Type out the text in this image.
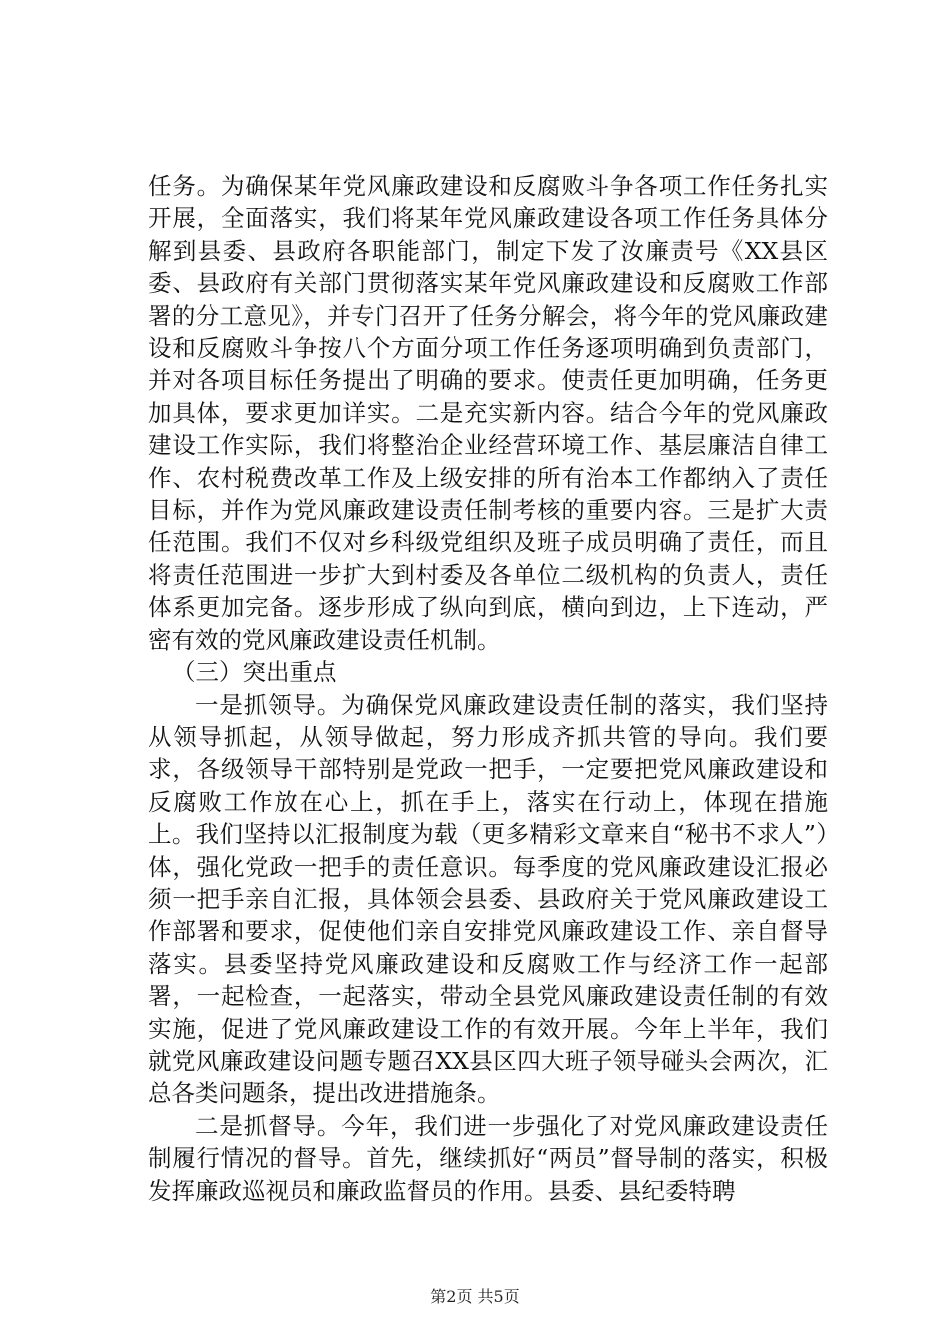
任务。为确保某年党风廉政建设和反腐败斗争各项工作任务扎实开展，全面落实，我们将某年党风廉政建设各项工作任务具体分解到县委、县政府各职能部门，制定下发了汝廉责号《XX县区委、县政府有关部门贯彻落实某年党风廉政建设和反腐败工作部署的分工意见》，并专门召开了任务分解会，将今年的党风廉政建设和反腐败斗争按八个方面分项工作任务逐项明确到负责部门，并对各项目标任务提出了明确的要求。使责任更加明确，任务更加具体，要求更加详实。二是充实新内容。结合今年的党风廉政建设工作实际，我们将整治企业经营环境工作、基层廉洁自律工作、农村税费改革工作及上级安排的所有治本工作都纳入了责任目标，并作为党风廉政建设责任制考核的重要内容。三是扩大责任范围。我们不仅对乡科级党组织及班子成员明确了责任，而且将责任范围进一步扩大到村委及各单位二级机构的负责人，责任体系更加完备。逐步形成了纵向到底，横向到边，上下连动，严密有效的党风廉政建设责任机制。

（三）突出重点

一是抓领导。为确保党风廉政建设责任制的落实，我们坚持从领导抓起，从领导做起，努力形成齐抓共管的导向。我们要求，各级领导干部特别是党政一把手，一定要把党风廉政建设和反腐败工作放在心上，抓在手上，落实在行动上，体现在措施上。我们坚持以汇报制度为载（更多精彩文章来自“秘书不求人”）体，强化党政一把手的责任意识。每季度的党风廉政建设汇报必须一把手亲自汇报，具体领会县委、县政府关于党风廉政建设工作部署和要求，促使他们亲自安排党风廉政建设工作、亲自督导落实。县委坚持党风廉政建设和反腐败工作与经济工作一起部署，一起检查，一起落实，带动全县党风廉政建设责任制的有效实施，促进了党风廉政建设工作的有效开展。今年上半年，我们就党风廉政建设问题专题召XX县区四大班子领导碰头会两次，汇总各类问题条，提出改进措施条。

二是抓督导。今年，我们进一步强化了对党风廉政建设责任制履行情况的督导。首先，继续抓好“两员”督导制的落实，积极发挥廉政巡视员和廉政监督员的作用。县委、县纪委特聘

第2页 共5页
